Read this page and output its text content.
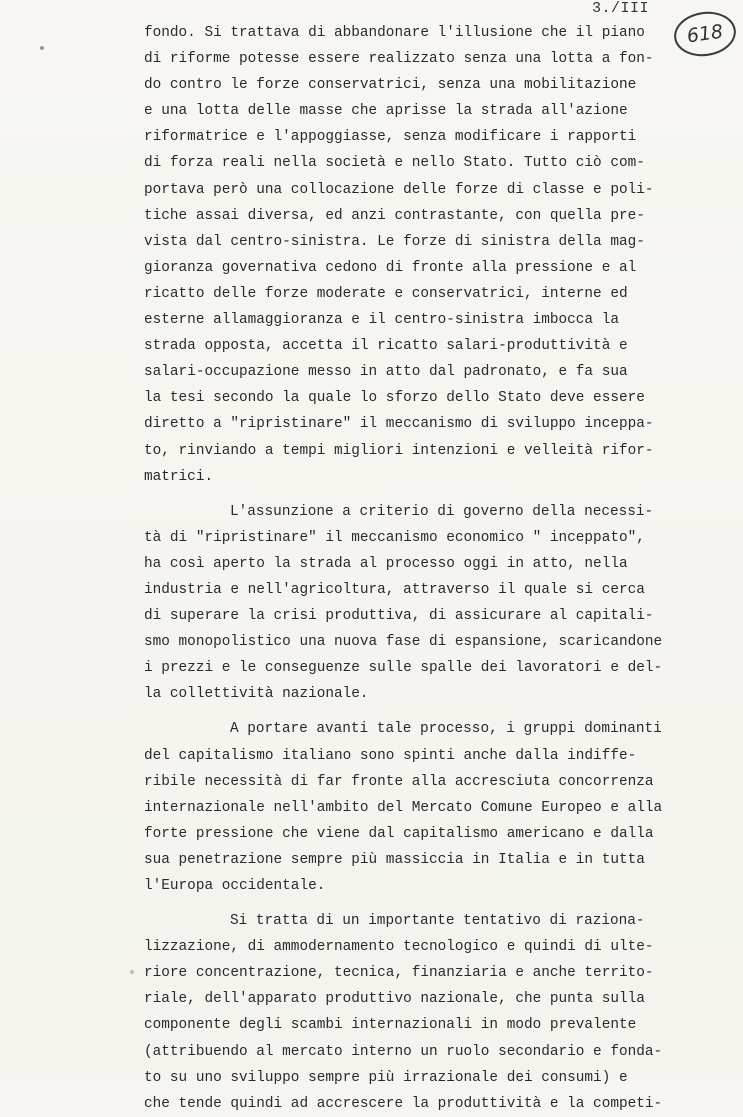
3./III
618
fondo. Si trattava di abbandonare l'illusione che il piano
di riforme potesse essere realizzato senza una lotta a fon-
do contro le forze conservatrici, senza una mobilitazione
e una lotta delle masse che aprisse la strada all'azione
riformatrice e l'appoggiasse, senza modificare i rapporti
di forza reali nella società e nello Stato. Tutto ciò com-
portava però una collocazione delle forze di classe e poli-
tiche assai diversa, ed anzi contrastante, con quella pre-
vista dal centro-sinistra. Le forze di sinistra della mag-
gioranza governativa cedono di fronte alla pressione e al
ricatto delle forze moderate e conservatrici, interne ed
esterne allamaggioranza e il centro-sinistra imbocca la
strada opposta, accetta il ricatto salari-produttività e
salari-occupazione messo in atto dal padronato, e fa sua
la tesi secondo la quale lo sforzo dello Stato deve essere
diretto a "ripristinare" il meccanismo di sviluppo inceppa-
to, rinviando a tempi migliori intenzioni e velleità rifor-
matrici.
L'assunzione a criterio di governo della necessi-
tà di "ripristinare" il meccanismo economico " inceppato",
ha così aperto la strada al processo oggi in atto, nella
industria e nell'agricoltura, attraverso il quale si cerca
di superare la crisi produttiva, di assicurare al capitali-
smo monopolistico una nuova fase di espansione, scaricandone
i prezzi e le conseguenze sulle spalle dei lavoratori e del-
la collettività nazionale.
A portare avanti tale processo, i gruppi dominanti
del capitalismo italiano sono spinti anche dalla indiffe-
ribile necessità di far fronte alla accresciuta concorrenza
internazionale nell'ambito del Mercato Comune Europeo e alla
forte pressione che viene dal capitalismo americano e dalla
sua penetrazione sempre più massiccia in Italia e in tutta
l'Europa occidentale.
Si tratta di un importante tentativo di raziona-
lizzazione, di ammodernamento tecnologico e quindi di ulte-
riore concentrazione, tecnica, finanziaria e anche territo-
riale, dell'apparato produttivo nazionale, che punta sulla
componente degli scambi internazionali in modo prevalente
(attribuendo al mercato interno un ruolo secondario e fonda-
to su uno sviluppo sempre più irrazionale dei consumi) e
che tende quindi ad accrescere la produttività e la competi-
